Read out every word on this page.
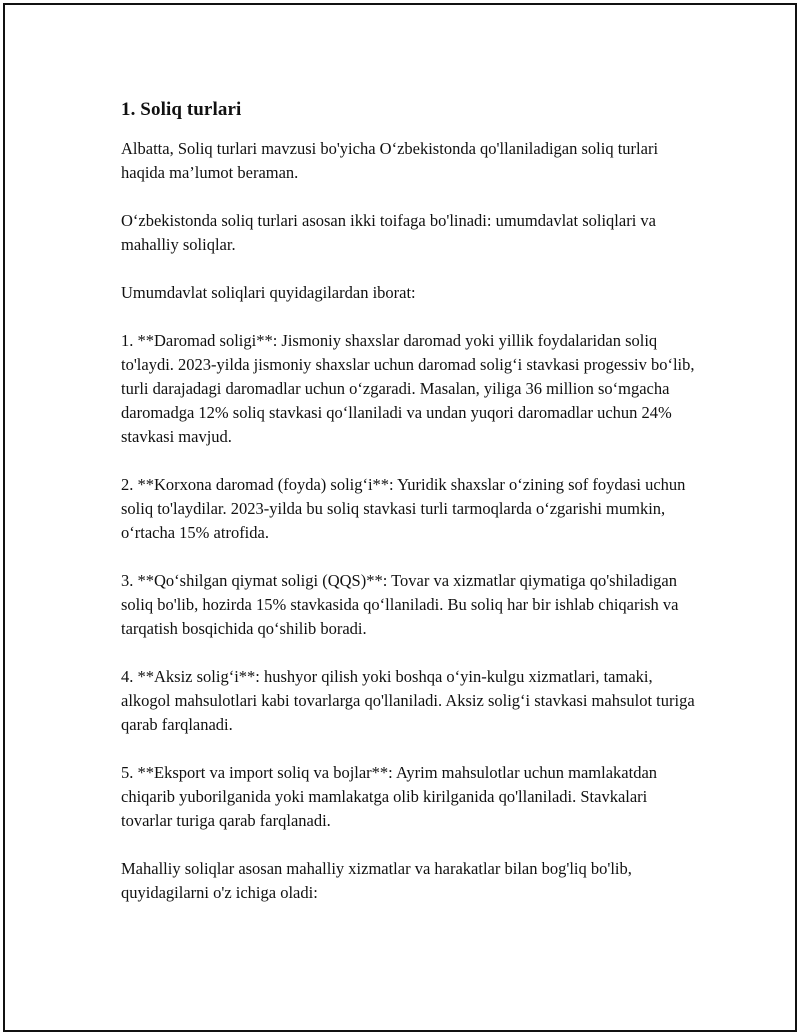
1. Soliq turlari

Albatta, Soliq turlari mavzusi bo'yicha O‘zbekistonda qo'llaniladigan soliq turlari haqida ma’lumot beraman.

O‘zbekistonda soliq turlari asosan ikki toifaga bo'linadi: umumdavlat soliqlari va mahalliy soliqlar.

Umumdavlat soliqlari quyidagilardan iborat:

1. **Daromad soligi**: Jismoniy shaxslar daromad yoki yillik foydalaridan soliq to'laydi. 2023-yilda jismoniy shaxslar uchun daromad solig‘i stavkasi progessiv bo‘lib, turli darajadagi daromadlar uchun o‘zgaradi. Masalan, yiliga 36 million so‘mgacha daromadga 12% soliq stavkasi qo‘llaniladi va undan yuqori daromadlar uchun 24% stavkasi mavjud.

2. **Korxona daromad (foyda) solig‘i**: Yuridik shaxslar o‘zining sof foydasi uchun soliq to'laydilar. 2023-yilda bu soliq stavkasi turli tarmoqlarda o‘zgarishi mumkin, o‘rtacha 15% atrofida.

3. **Qo‘shilgan qiymat soligi (QQS)**: Tovar va xizmatlar qiymatiga qo'shiladigan soliq bo'lib, hozirda 15% stavkasida qo‘llaniladi. Bu soliq har bir ishlab chiqarish va tarqatish bosqichida qo‘shilib boradi.

4. **Aksiz solig‘i**: hushyor qilish yoki boshqa o‘yin-kulgu xizmatlari, tamaki, alkogol mahsulotlari kabi tovarlarga qo'llaniladi. Aksiz solig‘i stavkasi mahsulot turiga qarab farqlanadi.

5. **Eksport va import soliq va bojlar**: Ayrim mahsulotlar uchun mamlakatdan chiqarib yuborilganida yoki mamlakatga olib kirilganida qo'llaniladi. Stavkalari tovarlar turiga qarab farqlanadi.

Mahalliy soliqlar asosan mahalliy xizmatlar va harakatlar bilan bog'liq bo'lib, quyidagilarni o'z ichiga oladi:
